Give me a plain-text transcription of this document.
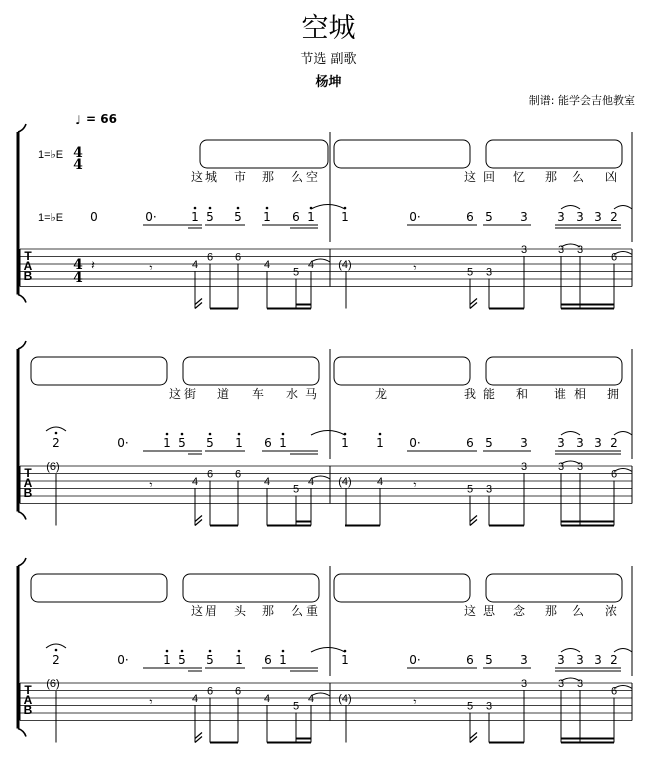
空城
节选 副歌
杨坤
制谱: 能学会吉他教室
♩ = 66
1=♭E 4
4
1=♭E 0
这 城 市 那 么 空	这 回 忆 那 么 凶
0·	1 5 5 1 6 1 1	0·	6 5 3 3 3 3 2
T
A
B
4
4
𝄽	𝄾	𝄾
4
6 6
4
5
4 (4)
5 3
3	3 3
6
2
这 街 道 车 水 马	龙	我 能 和 谁 相 拥
0·	1 5 5 1 6 1	1 1 0·	6 5 3 3 3 3 2
T
A
B
(6)
𝄾	𝄾
4
6 6
4
5
4 (4) 4
5 3
3	3 3
6
2
这 眉 头 那 么 重	这 思 念 那 么 浓
0·	1 5 5 1 6 1	1	0·	6 5 3 3 3 3 2
T
A
B
(6)
𝄾	𝄾
4
6 6
4
5
4 (4)
5 3
3	3 3
6
